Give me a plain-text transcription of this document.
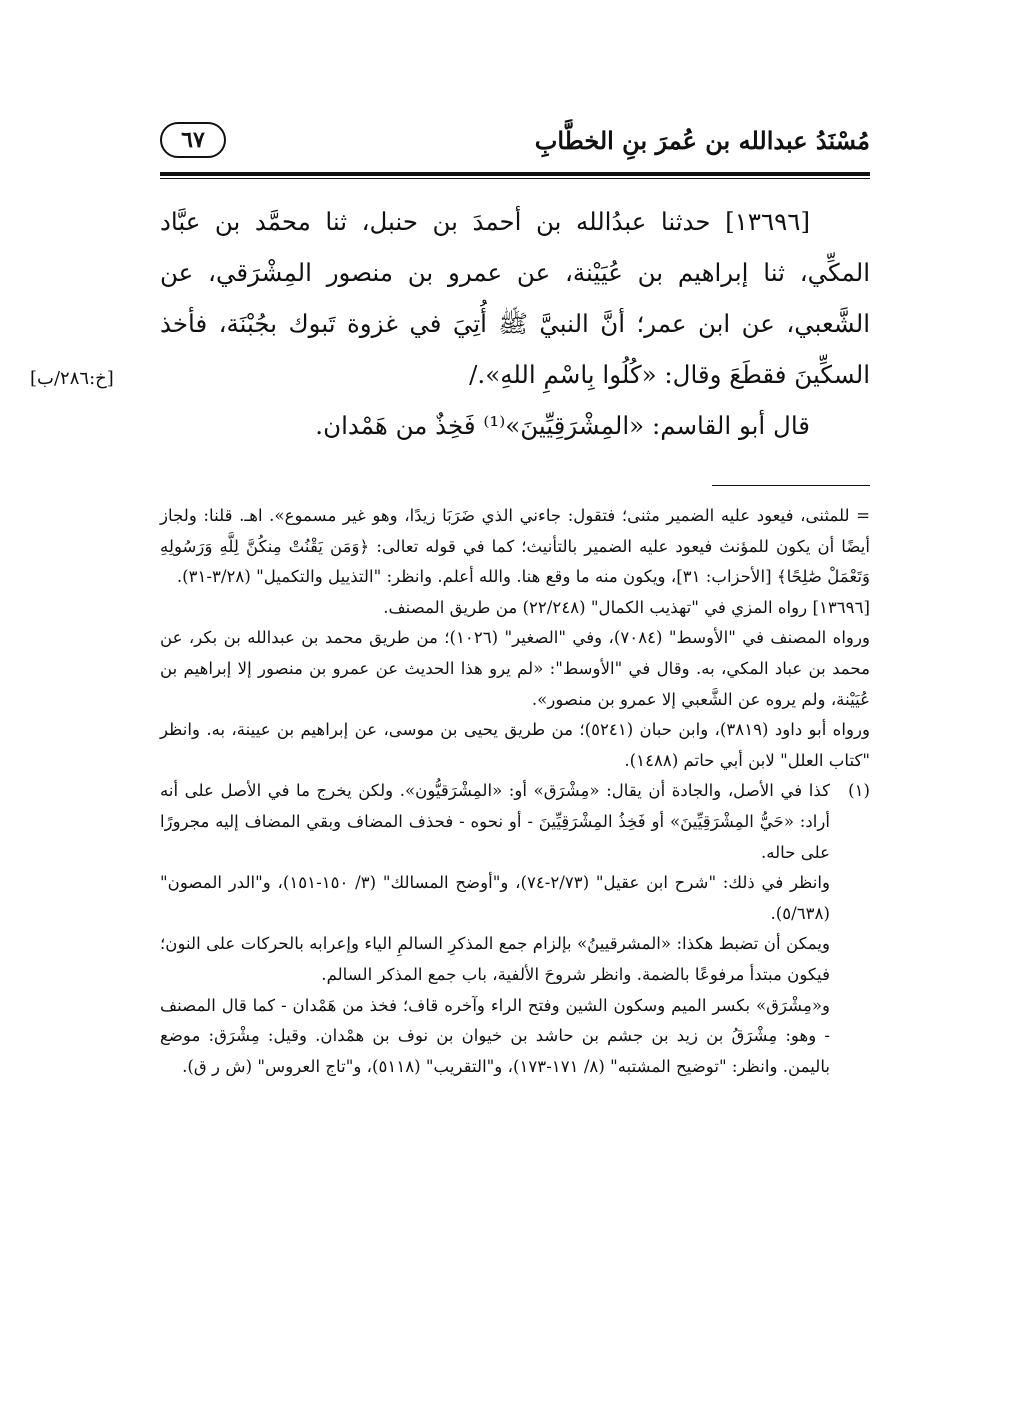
مُسْنَدُ عبدالله بن عُمرَ بنِ الخطَّابِ
٦٧

[١٣٦٩٦] حدثنا عبدُالله بن أحمدَ بن حنبل، ثنا محمَّد بن عبَّاد المكِّي، ثنا إبراهيم بن عُيَيْنة، عن عمرو بن منصور المِشْرَقي، عن الشَّعبي، عن ابن عمر؛ أنَّ النبيَّ ﷺ أُتِيَ في غزوة تَبوك بجُبْنَة، فأخذ السكِّينَ فقطَعَ وقال: «كُلُوا بِاسْمِ اللهِ»./

قال أبو القاسم: «المِشْرَقِيِّينَ»⁽¹⁾ فَخِذٌ من هَمْدان.

[خ:٢٨٦/ب]

= للمثنى، فيعود عليه الضمير مثنى؛ فتقول: جاءني الذي ضَرَبَا زيدًا، وهو غير مسموع». اهـ. قلنا: ولجاز أيضًا أن يكون للمؤنث فيعود عليه الضمير بالتأنيث؛ كما في قوله تعالى: ﴿وَمَن يَقْنُتْ مِنكُنَّ لِلَّهِ وَرَسُولِهِ وَتَعْمَلْ صَٰلِحًا﴾ [الأحزاب: ٣١]، ويكون منه ما وقع هنا. والله أعلم. وانظر: "التذييل والتكميل" (٣/٢٨-٣١).

[١٣٦٩٦] رواه المزي في "تهذيب الكمال" (٢٢/٢٤٨) من طريق المصنف.

ورواه المصنف في "الأوسط" (٧٠٨٤)، وفي "الصغير" (١٠٢٦)؛ من طريق محمد بن عبدالله بن بكر، عن محمد بن عباد المكي، به. وقال في "الأوسط": «لم يرو هذا الحديث عن عمرو بن منصور إلا إبراهيم بن عُيَيْنة، ولم يروه عن الشَّعبي إلا عمرو بن منصور».

ورواه أبو داود (٣٨١٩)، وابن حبان (٥٢٤١)؛ من طريق يحيى بن موسى، عن إبراهيم بن عيينة، به. وانظر "كتاب العلل" لابن أبي حاتم (١٤٨٨).

(١)

كذا في الأصل، والجادة أن يقال: «مِشْرَق» أو: «المِشْرَقيُّون». ولكن يخرج ما في الأصل على أنه أراد: «حَيُّ المِشْرَقِيِّينَ» أو فَخِذُ المِشْرَقِيِّينَ - أو نحوه - فحذف المضاف وبقي المضاف إليه مجرورًا على حاله.

وانظر في ذلك: "شرح ابن عقيل" (٢/٧٣-٧٤)، و"أوضح المسالك" (٣/ ١٥٠-١٥١)، و"الدر المصون" (٥/٦٣٨).

ويمكن أن تضبط هكذا: «المشرقيينُ» بإلزام جمع المذكرِ السالمِ الياء وإعرابه بالحركات على النون؛ فيكون مبتدأ مرفوعًا بالضمة. وانظر شروحَ الألفية، باب جمع المذكر السالم.

و«مِشْرَق» بكسر الميم وسكون الشين وفتح الراء وآخره قاف؛ فخذ من هَمْدان - كما قال المصنف - وهو: مِشْرَقُ بن زيد بن جشم بن حاشد بن خيوان بن نوف بن همْدان. وقيل: مِشْرَق: موضع باليمن. وانظر: "توضيح المشتبه" (٨/ ١٧١-١٧٣)، و"التقريب" (٥١١٨)، و"تاج العروس" (ش ر ق).
